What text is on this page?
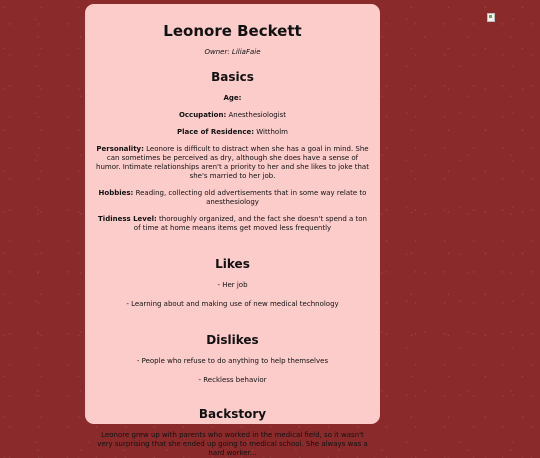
Leonore Beckett
Owner: LiliaFaie
Basics
Age:
Occupation: Anesthesiologist
Place of Residence: Wittholm
Personality: Leonore is difficult to distract when she has a goal in mind. She can sometimes be perceived as dry, although she does have a sense of humor. Intimate relationships aren't a priority to her and she likes to joke that she's married to her job.
Hobbies: Reading, collecting old advertisements that in some way relate to anesthesiology
Tidiness Level: thoroughly organized, and the fact she doesn't spend a ton of time at home means items get moved less frequently
Likes
- Her job
- Learning about and making use of new medical technology
Dislikes
- People who refuse to do anything to help themselves
- Reckless behavior
Backstory
Leonore grew up with parents who worked in the medical field, so it wasn't very surprising that she ended up going to medical school. She always was a hard worker...
